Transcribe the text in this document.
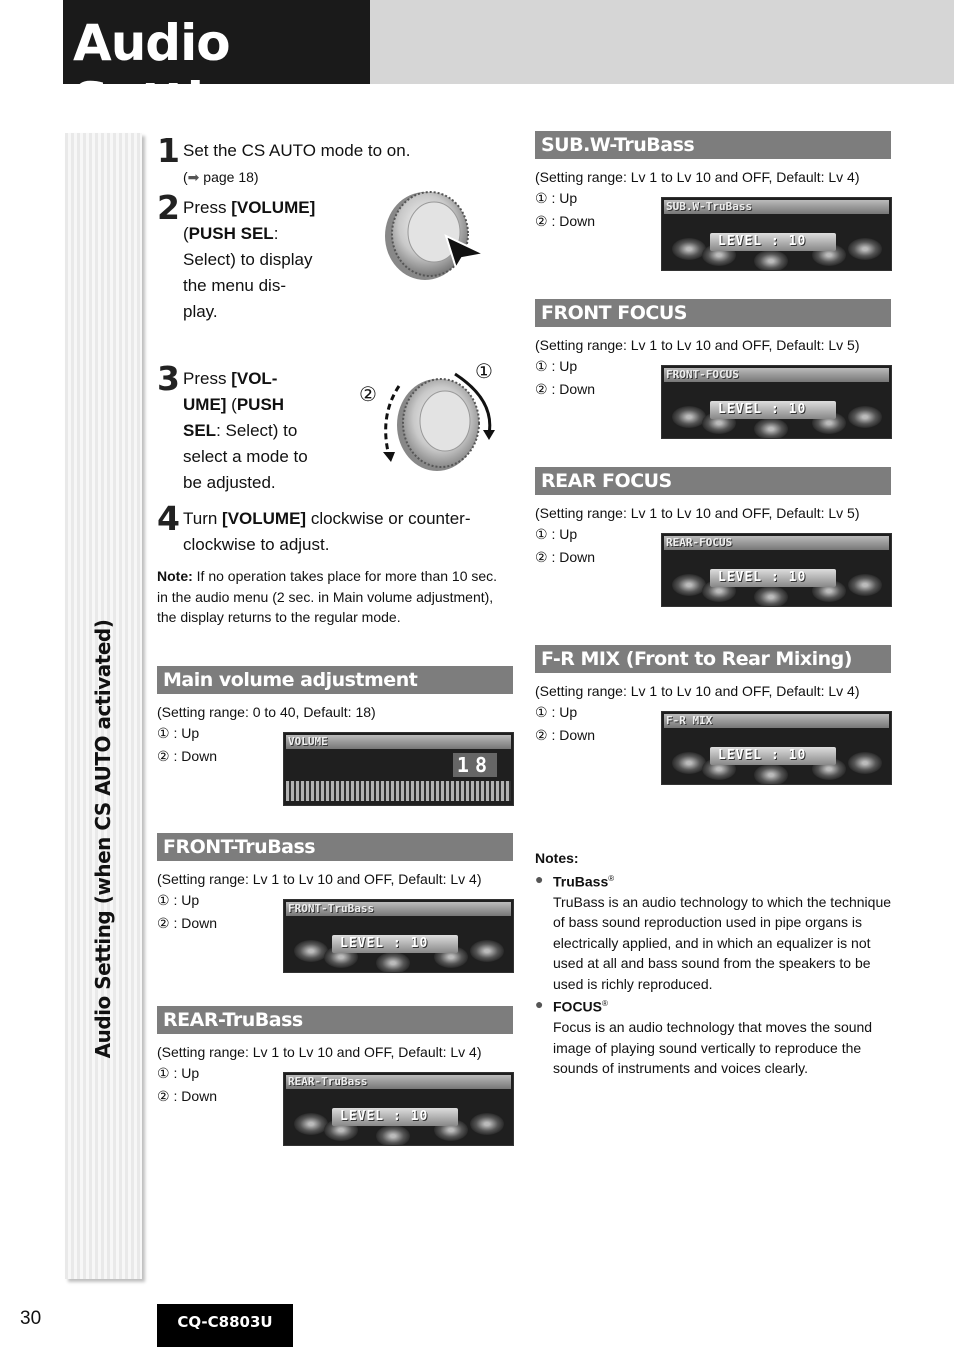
Audio Setting
Audio Setting (when CS AUTO activated)
1 Set the CS AUTO mode to on.
(➡ page 18)
2 Press [VOLUME]
(PUSH SEL:
Select) to display
the menu dis-
play.
3 Press [VOL-
UME] (PUSH
SEL: Select) to
select a mode to
be adjusted.
①
②
4 Turn [VOLUME] clockwise or counter-
clockwise to adjust.
Note: If no operation takes place for more than 10 sec.
in the audio menu (2 sec. in Main volume adjustment),
the display returns to the regular mode.
Main volume adjustment
(Setting range: 0 to 40, Default: 18)
① : Up
② : Down
VOLUME
18
FRONT-TruBass
(Setting range: Lv 1 to Lv 10 and OFF, Default: Lv 4)
① : Up
② : Down
FRONT-TruBass
LEVEL : 10
REAR-TruBass
(Setting range: Lv 1 to Lv 10 and OFF, Default: Lv 4)
① : Up
② : Down
REAR-TruBass
LEVEL : 10
SUB.W-TruBass
(Setting range: Lv 1 to Lv 10 and OFF, Default: Lv 4)
① : Up
② : Down
SUB.W-TruBass
LEVEL : 10
FRONT FOCUS
(Setting range: Lv 1 to Lv 10 and OFF, Default: Lv 5)
① : Up
② : Down
FRONT-FOCUS
LEVEL : 10
REAR FOCUS
(Setting range: Lv 1 to Lv 10 and OFF, Default: Lv 5)
① : Up
② : Down
REAR-FOCUS
LEVEL : 10
F-R MIX (Front to Rear Mixing)
(Setting range: Lv 1 to Lv 10 and OFF, Default: Lv 4)
① : Up
② : Down
F-R MIX
LEVEL : 10
Notes:
● TruBass®
TruBass is an audio technology to which the technique
of bass sound reproduction used in pipe organs is
electrically applied, and in which an equalizer is not
used at all and bass sound from the speakers to be
used is richly reproduced.
● FOCUS®
Focus is an audio technology that moves the sound
image of playing sound vertically to reproduce the
sounds of instruments and voices clearly.
30	CQ-C8803U
